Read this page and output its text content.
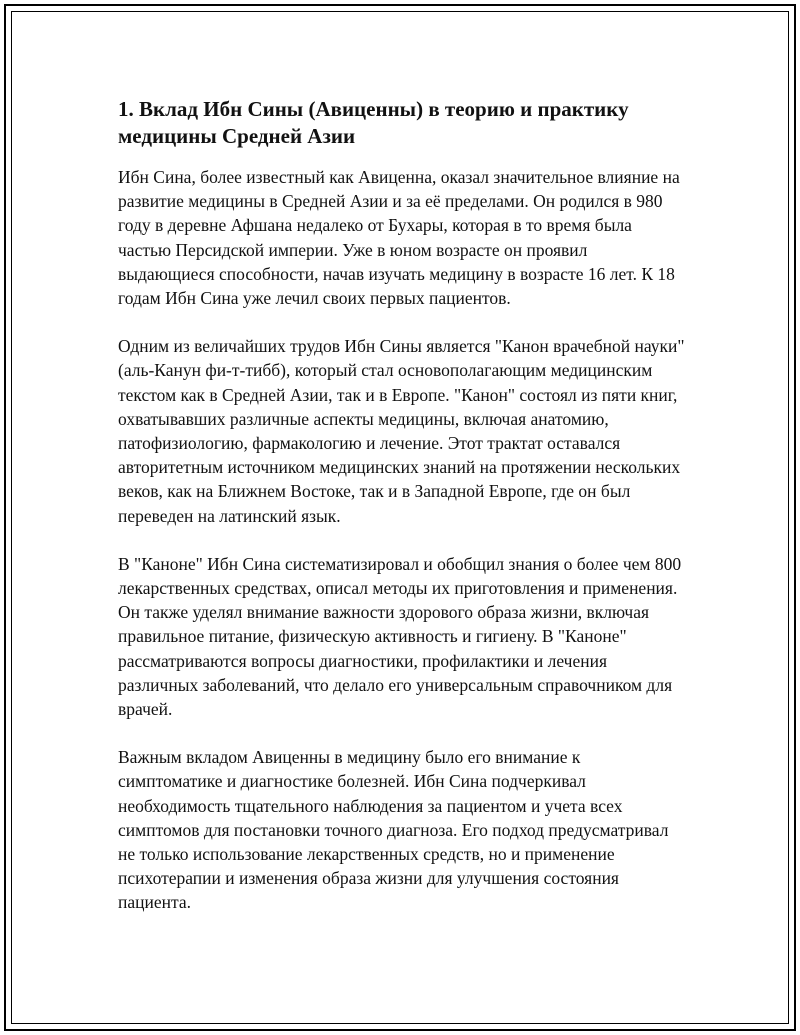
1. Вклад Ибн Сины (Авиценны) в теорию и практику медицины Средней Азии

Ибн Сина, более известный как Авиценна, оказал значительное влияние на развитие медицины в Средней Азии и за её пределами. Он родился в 980 году в деревне Афшана недалеко от Бухары, которая в то время была частью Персидской империи. Уже в юном возрасте он проявил выдающиеся способности, начав изучать медицину в возрасте 16 лет. К 18 годам Ибн Сина уже лечил своих первых пациентов.

Одним из величайших трудов Ибн Сины является "Канон врачебной науки" (аль-Канун фи-т-тибб), который стал основополагающим медицинским текстом как в Средней Азии, так и в Европе. "Канон" состоял из пяти книг, охватывавших различные аспекты медицины, включая анатомию, патофизиологию, фармакологию и лечение. Этот трактат оставался авторитетным источником медицинских знаний на протяжении нескольких веков, как на Ближнем Востоке, так и в Западной Европе, где он был переведен на латинский язык.

В "Каноне" Ибн Сина систематизировал и обобщил знания о более чем 800 лекарственных средствах, описал методы их приготовления и применения. Он также уделял внимание важности здорового образа жизни, включая правильное питание, физическую активность и гигиену. В "Каноне" рассматриваются вопросы диагностики, профилактики и лечения различных заболеваний, что делало его универсальным справочником для врачей.

Важным вкладом Авиценны в медицину было его внимание к симптоматике и диагностике болезней. Ибн Сина подчеркивал необходимость тщательного наблюдения за пациентом и учета всех симптомов для постановки точного диагноза. Его подход предусматривал не только использование лекарственных средств, но и применение психотерапии и изменения образа жизни для улучшения состояния пациента.
